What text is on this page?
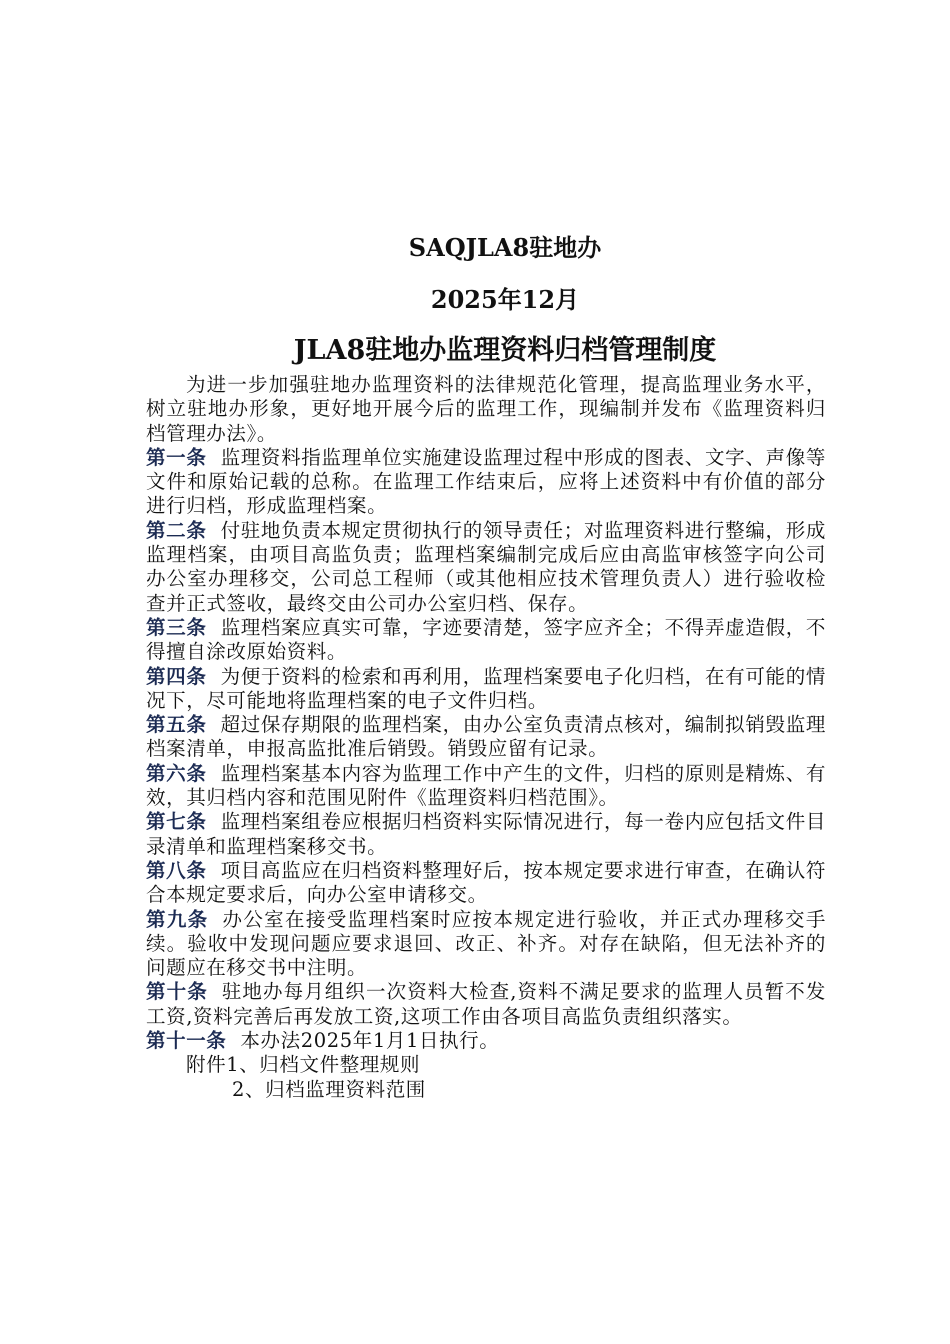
SAQJLA8驻地办
2025年12月
JLA8驻地办监理资料归档管理制度

为进一步加强驻地办监理资料的法律规范化管理，提高监理业务水平，树立驻地办形象，更好地开展今后的监理工作，现编制并发布《监理资料归档管理办法》。

第一条 监理资料指监理单位实施建设监理过程中形成的图表、文字、声像等文件和原始记载的总称。在监理工作结束后，应将上述资料中有价值的部分进行归档，形成监理档案。

第二条 付驻地负责本规定贯彻执行的领导责任；对监理资料进行整编，形成监理档案，由项目高监负责；监理档案编制完成后应由高监审核签字向公司办公室办理移交，公司总工程师（或其他相应技术管理负责人）进行验收检查并正式签收，最终交由公司办公室归档、保存。

第三条 监理档案应真实可靠，字迹要清楚，签字应齐全；不得弄虚造假，不得擅自涂改原始资料。

第四条 为便于资料的检索和再利用，监理档案要电子化归档，在有可能的情况下，尽可能地将监理档案的电子文件归档。

第五条 超过保存期限的监理档案，由办公室负责清点核对，编制拟销毁监理档案清单，申报高监批准后销毁。销毁应留有记录。

第六条 监理档案基本内容为监理工作中产生的文件，归档的原则是精炼、有效，其归档内容和范围见附件《监理资料归档范围》。

第七条 监理档案组卷应根据归档资料实际情况进行，每一卷内应包括文件目录清单和监理档案移交书。

第八条 项目高监应在归档资料整理好后，按本规定要求进行审查，在确认符合本规定要求后，向办公室申请移交。

第九条 办公室在接受监理档案时应按本规定进行验收，并正式办理移交手续。验收中发现问题应要求退回、改正、补齐。对存在缺陷，但无法补齐的问题应在移交书中注明。

第十条 驻地办每月组织一次资料大检查,资料不满足要求的监理人员暂不发工资,资料完善后再发放工资,这项工作由各项目高监负责组织落实。

第十一条 本办法2025年1月1日执行。

附件1、归档文件整理规则

2、归档监理资料范围
